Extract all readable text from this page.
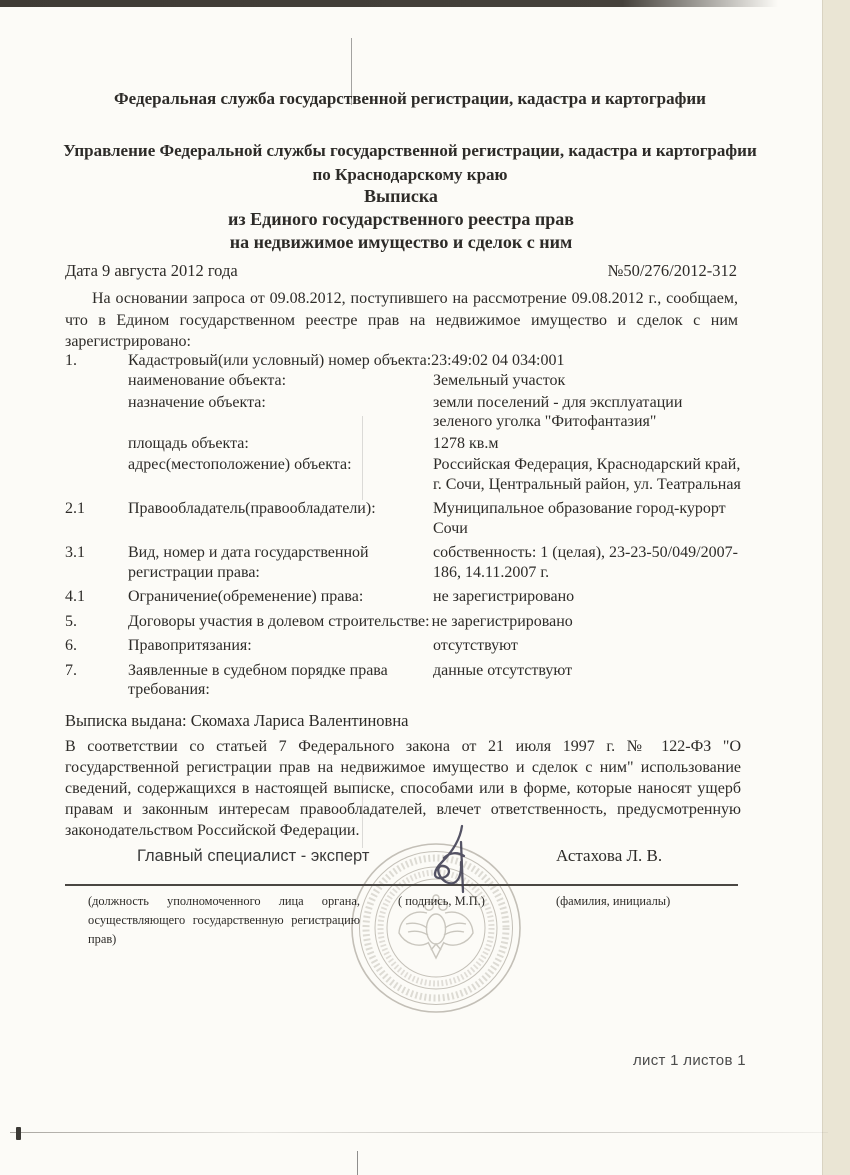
Федеральная служба государственной регистрации, кадастра и картографии
Управление Федеральной службы государственной регистрации, кадастра и картографии по Краснодарскому краю
Выписка
из Единого государственного реестра прав
на недвижимое имущество и сделок с ним
Дата 9 августа 2012 года	№50/276/2012-312
На основании запроса от 09.08.2012, поступившего на рассмотрение 09.08.2012 г., сообщаем, что в Едином государственном реестре прав на недвижимое имущество и сделок с ним зарегистрировано:
1.	Кадастровый(или условный) номер объекта: 23:49:02 04 034:001
наименование объекта:	Земельный участок
назначение объекта:	земли поселений - для эксплуатации зеленого уголка "Фитофантазия"
площадь объекта:	1278 кв.м
адрес(местоположение) объекта:	Российская Федерация, Краснодарский край, г. Сочи, Центральный район, ул. Театральная
2.1	Правообладатель(правообладатели):	Муниципальное образование город-курорт Сочи
3.1	Вид, номер и дата государственной регистрации права:
собственность: 1 (целая), 23-23-50/049/2007-186, 14.11.2007 г.
4.1	Ограничение(обременение) права:	не зарегистрировано
5.	Договоры участия в долевом строительстве: не зарегистрировано
6.	Правопритязания:	отсутствуют
7.	Заявленные в судебном порядке права требования:
данные отсутствуют
Выписка выдана: Скомаха Лариса Валентиновна
В соответствии со статьей 7 Федерального закона от 21 июля 1997 г. № 122-ФЗ "О государственной регистрации прав на недвижимое имущество и сделок с ним" использование сведений, содержащихся в настоящей выписке, способами или в форме, которые наносят ущерб правам и законным интересам правообладателей, влечет ответственность, предусмотренную законодательством Российской Федерации.
Главный специалист - эксперт	Астахова Л. В.
(должность уполномоченного лица органа, осуществляющего государственную регистрацию прав)
( подпись, М.П.)	(фамилия, инициалы)
лист 1 листов 1
